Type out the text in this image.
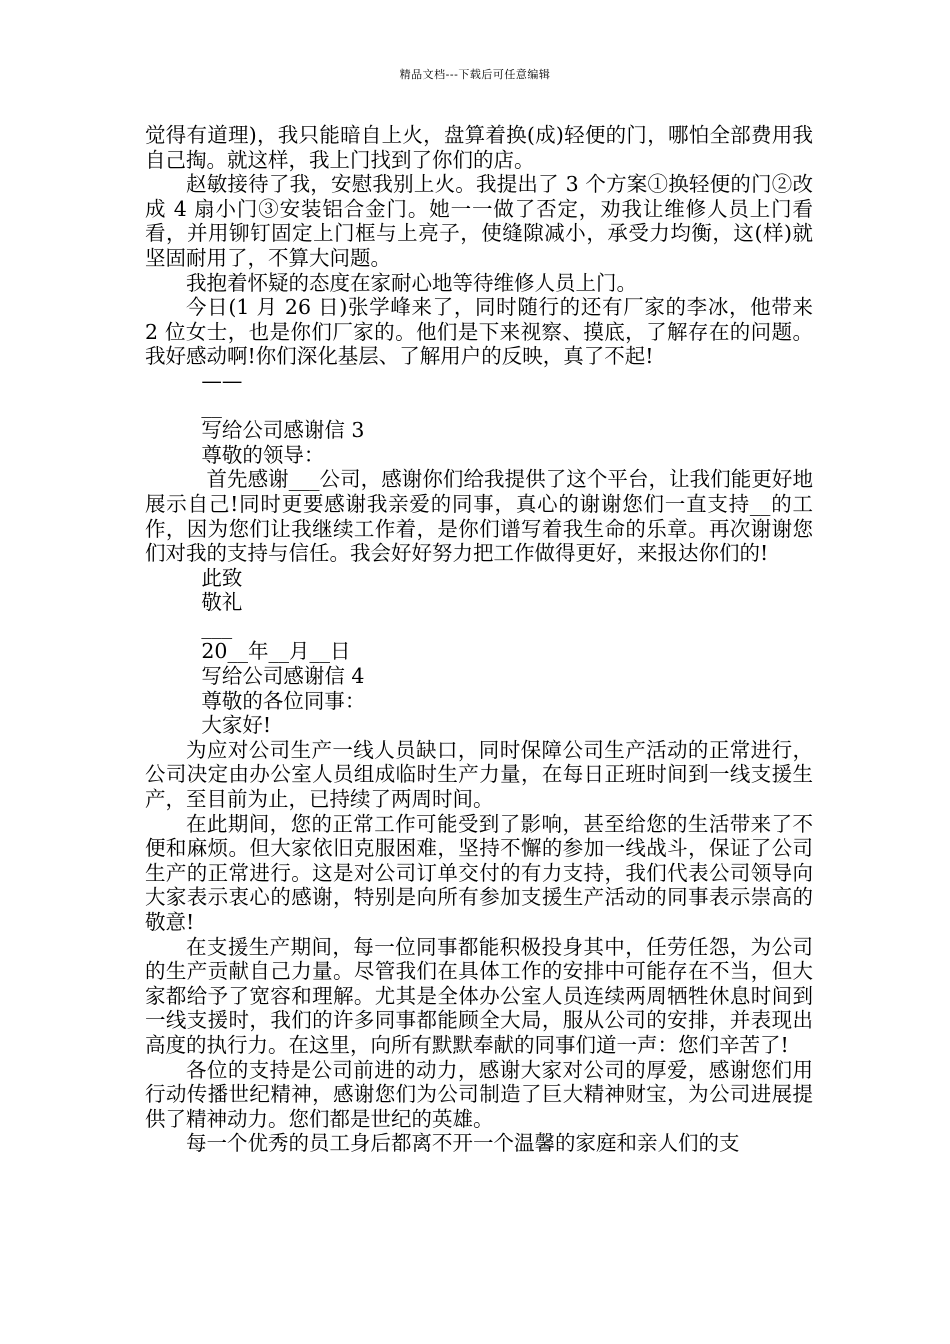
精品文档---下载后可任意编辑

觉得有道理)，我只能暗自上火，盘算着换(成)轻便的门，哪怕全部费用我自己掏。就这样，我上门找到了你们的店。

赵敏接待了我，安慰我别上火。我提出了 3 个方案①换轻便的门②改成 4 扇小门③安装铝合金门。她一一做了否定，劝我让维修人员上门看看，并用铆钉固定上门框与上亮子，使缝隙减小，承受力均衡，这(样)就坚固耐用了，不算大问题。

我抱着怀疑的态度在家耐心地等待维修人员上门。

今日(1 月 26 日)张学峰来了，同时随行的还有厂家的李冰，他带来 2 位女士，也是你们厂家的。他们是下来视察、摸底，了解存在的问题。我好感动啊!你们深化基层、了解用户的反映，真了不起!

——

__

写给公司感谢信 3

尊敬的领导：

首先感谢___公司，感谢你们给我提供了这个平台，让我们能更好地展示自己!同时更要感谢我亲爱的同事，真心的谢谢您们一直支持__的工作，因为您们让我继续工作着，是你们谱写着我生命的乐章。再次谢谢您们对我的支持与信任。我会好好努力把工作做得更好，来报达你们的!

此致

敬礼

___

20__年__月__日

写给公司感谢信 4

尊敬的各位同事：

大家好!

为应对公司生产一线人员缺口，同时保障公司生产活动的正常进行，公司决定由办公室人员组成临时生产力量，在每日正班时间到一线支援生产，至目前为止，已持续了两周时间。

在此期间，您的正常工作可能受到了影响，甚至给您的生活带来了不便和麻烦。但大家依旧克服困难，坚持不懈的参加一线战斗，保证了公司生产的正常进行。这是对公司订单交付的有力支持，我们代表公司领导向大家表示衷心的感谢，特别是向所有参加支援生产活动的同事表示崇高的敬意!

在支援生产期间，每一位同事都能积极投身其中，任劳任怨，为公司的生产贡献自己力量。尽管我们在具体工作的安排中可能存在不当，但大家都给予了宽容和理解。尤其是全体办公室人员连续两周牺牲休息时间到一线支援时，我们的许多同事都能顾全大局，服从公司的安排，并表现出高度的执行力。在这里，向所有默默奉献的同事们道一声：您们辛苦了!

各位的支持是公司前进的动力，感谢大家对公司的厚爱，感谢您们用行动传播世纪精神，感谢您们为公司制造了巨大精神财宝，为公司进展提供了精神动力。您们都是世纪的英雄。

每一个优秀的员工身后都离不开一个温馨的家庭和亲人们的支
